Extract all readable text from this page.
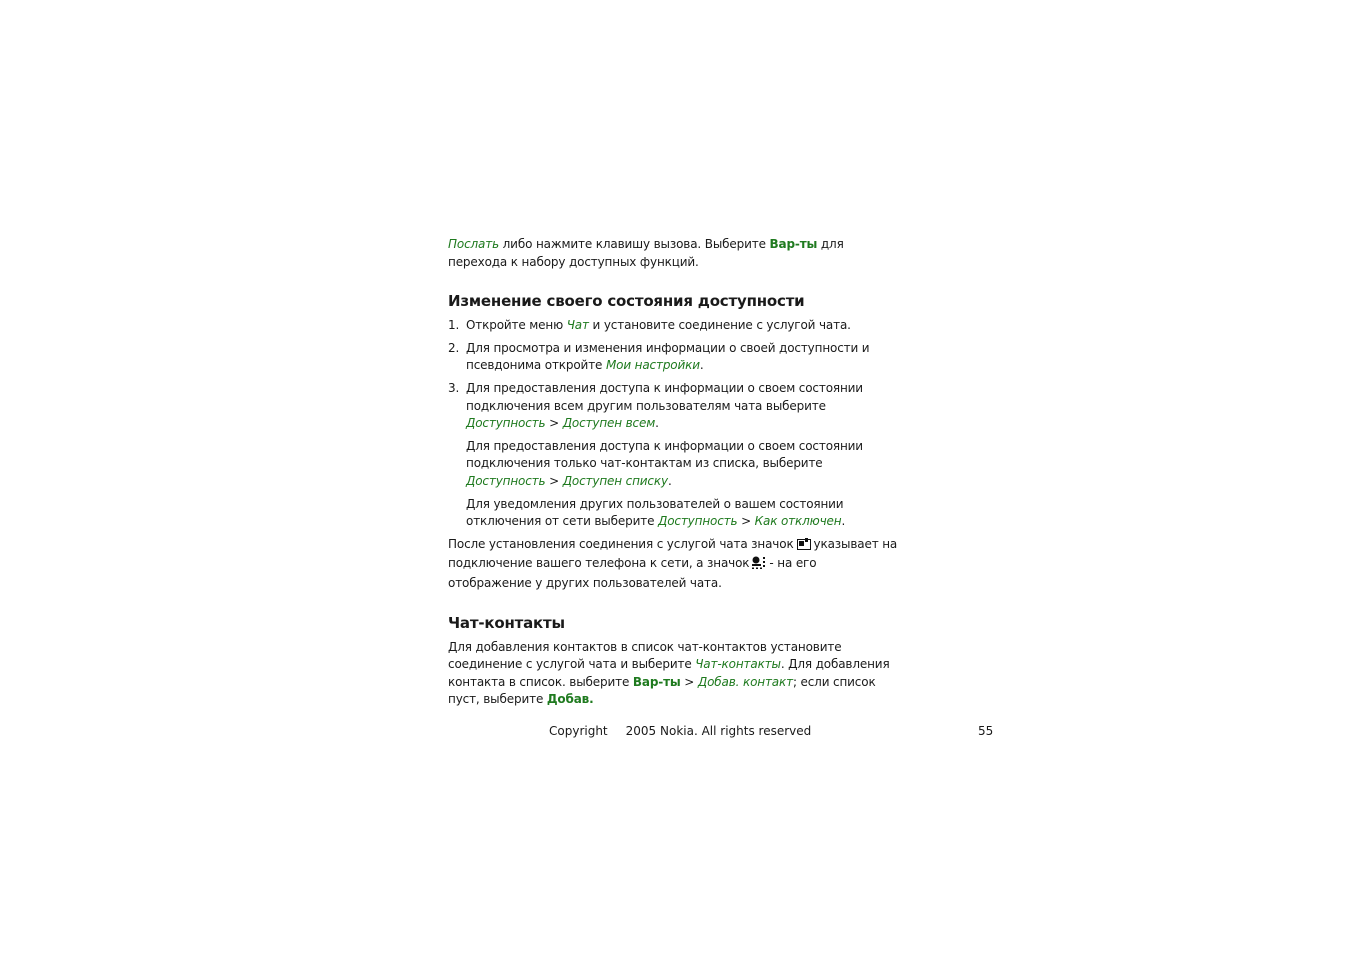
Послать либо нажмите клавишу вызова. Выберите Вар-ты для перехода к набору доступных функций.

Изменение своего состояния доступности
1. Откройте меню Чат и установите соединение с услугой чата.
2. Для просмотра и изменения информации о своей доступности и псевдонима откройте Мои настройки.
3. Для предоставления доступа к информации о своем состоянии подключения всем другим пользователям чата выберите Доступность > Доступен всем.

Для предоставления доступа к информации о своем состоянии подключения только чат-контактам из списка, выберите Доступность > Доступен списку.

Для уведомления других пользователей о вашем состоянии отключения от сети выберите Доступность > Как отключен.

После установления соединения с услугой чата значок указывает на подключение вашего телефона к сети, а значок - на его отображение у других пользователей чата.

Чат-контакты

Для добавления контактов в список чат-контактов установите соединение с услугой чата и выберите Чат-контакты. Для добавления контакта в список. выберите Вар-ты > Добав. контакт; если список пуст, выберите Добав.

Copyright 2005 Nokia. All rights reserved	55
